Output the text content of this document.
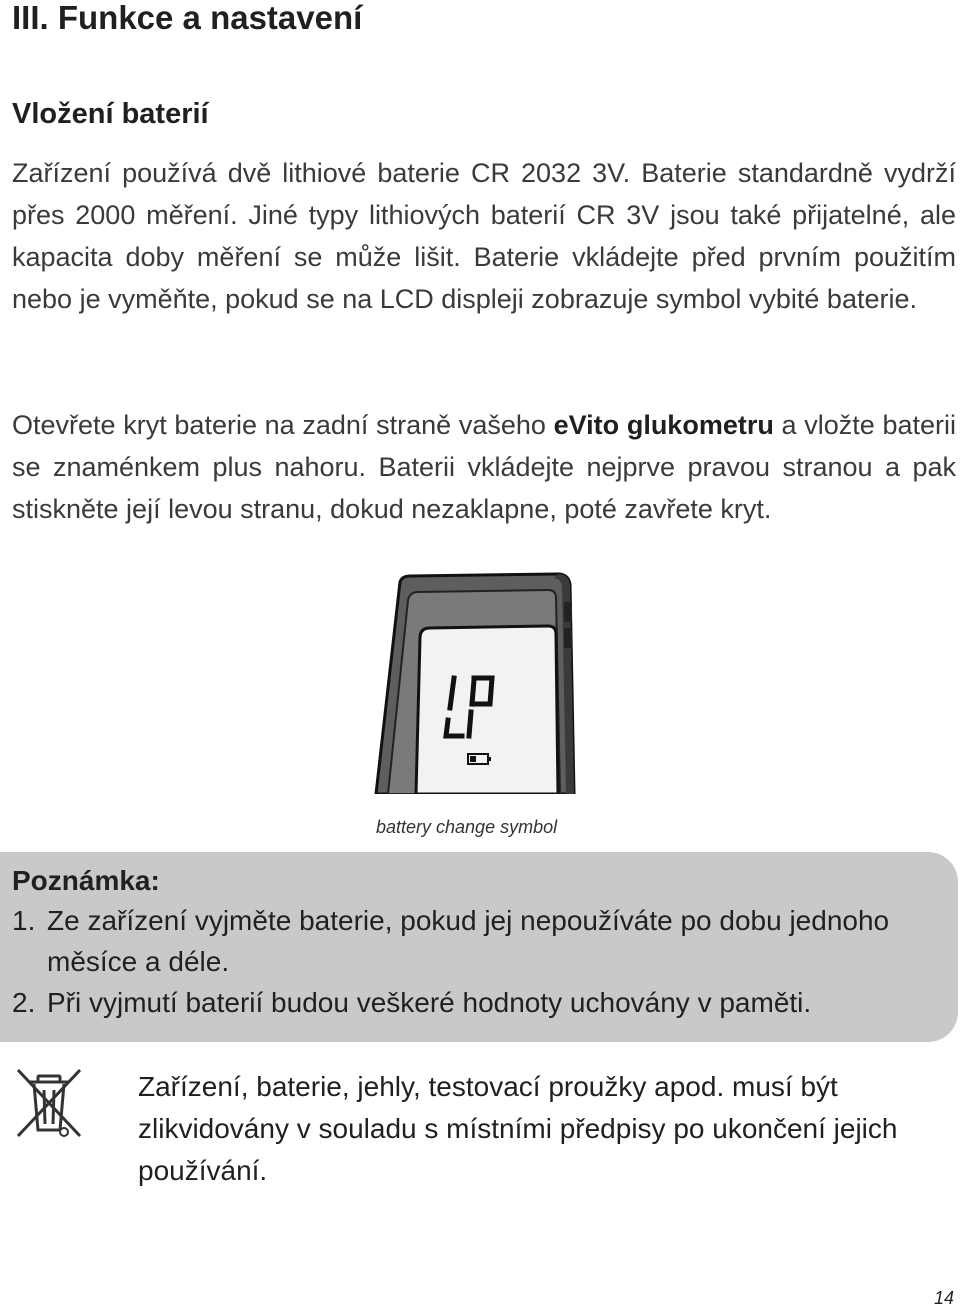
III. Funkce a nastavení
Vložení baterií

Zařízení používá dvě lithiové baterie CR 2032 3V. Baterie standardně vydrží přes 2000 měření. Jiné typy lithiových baterií CR 3V jsou také přijatelné, ale kapacita doby měření se může lišit. Baterie vkládejte před prvním použitím nebo je vyměňte, pokud se na LCD displeji zobrazuje symbol vybité baterie.

Otevřete kryt baterie na zadní straně vašeho eVito glukometru a vložte baterii se znaménkem plus nahoru. Baterii vkládejte nejprve pravou stranou a pak stiskněte její levou stranu, dokud nezaklapne, poté zavřete kryt.

LP
battery change symbol
Poznámka:
1. Ze zařízení vyjměte baterie, pokud jej nepoužíváte po dobu jednoho měsíce a déle.
2. Při vyjmutí baterií budou veškeré hodnoty uchovány v paměti.

Zařízení, baterie, jehly, testovací proužky apod. musí být zlikvidovány v souladu s místními předpisy po ukončení jejich používání.

14
